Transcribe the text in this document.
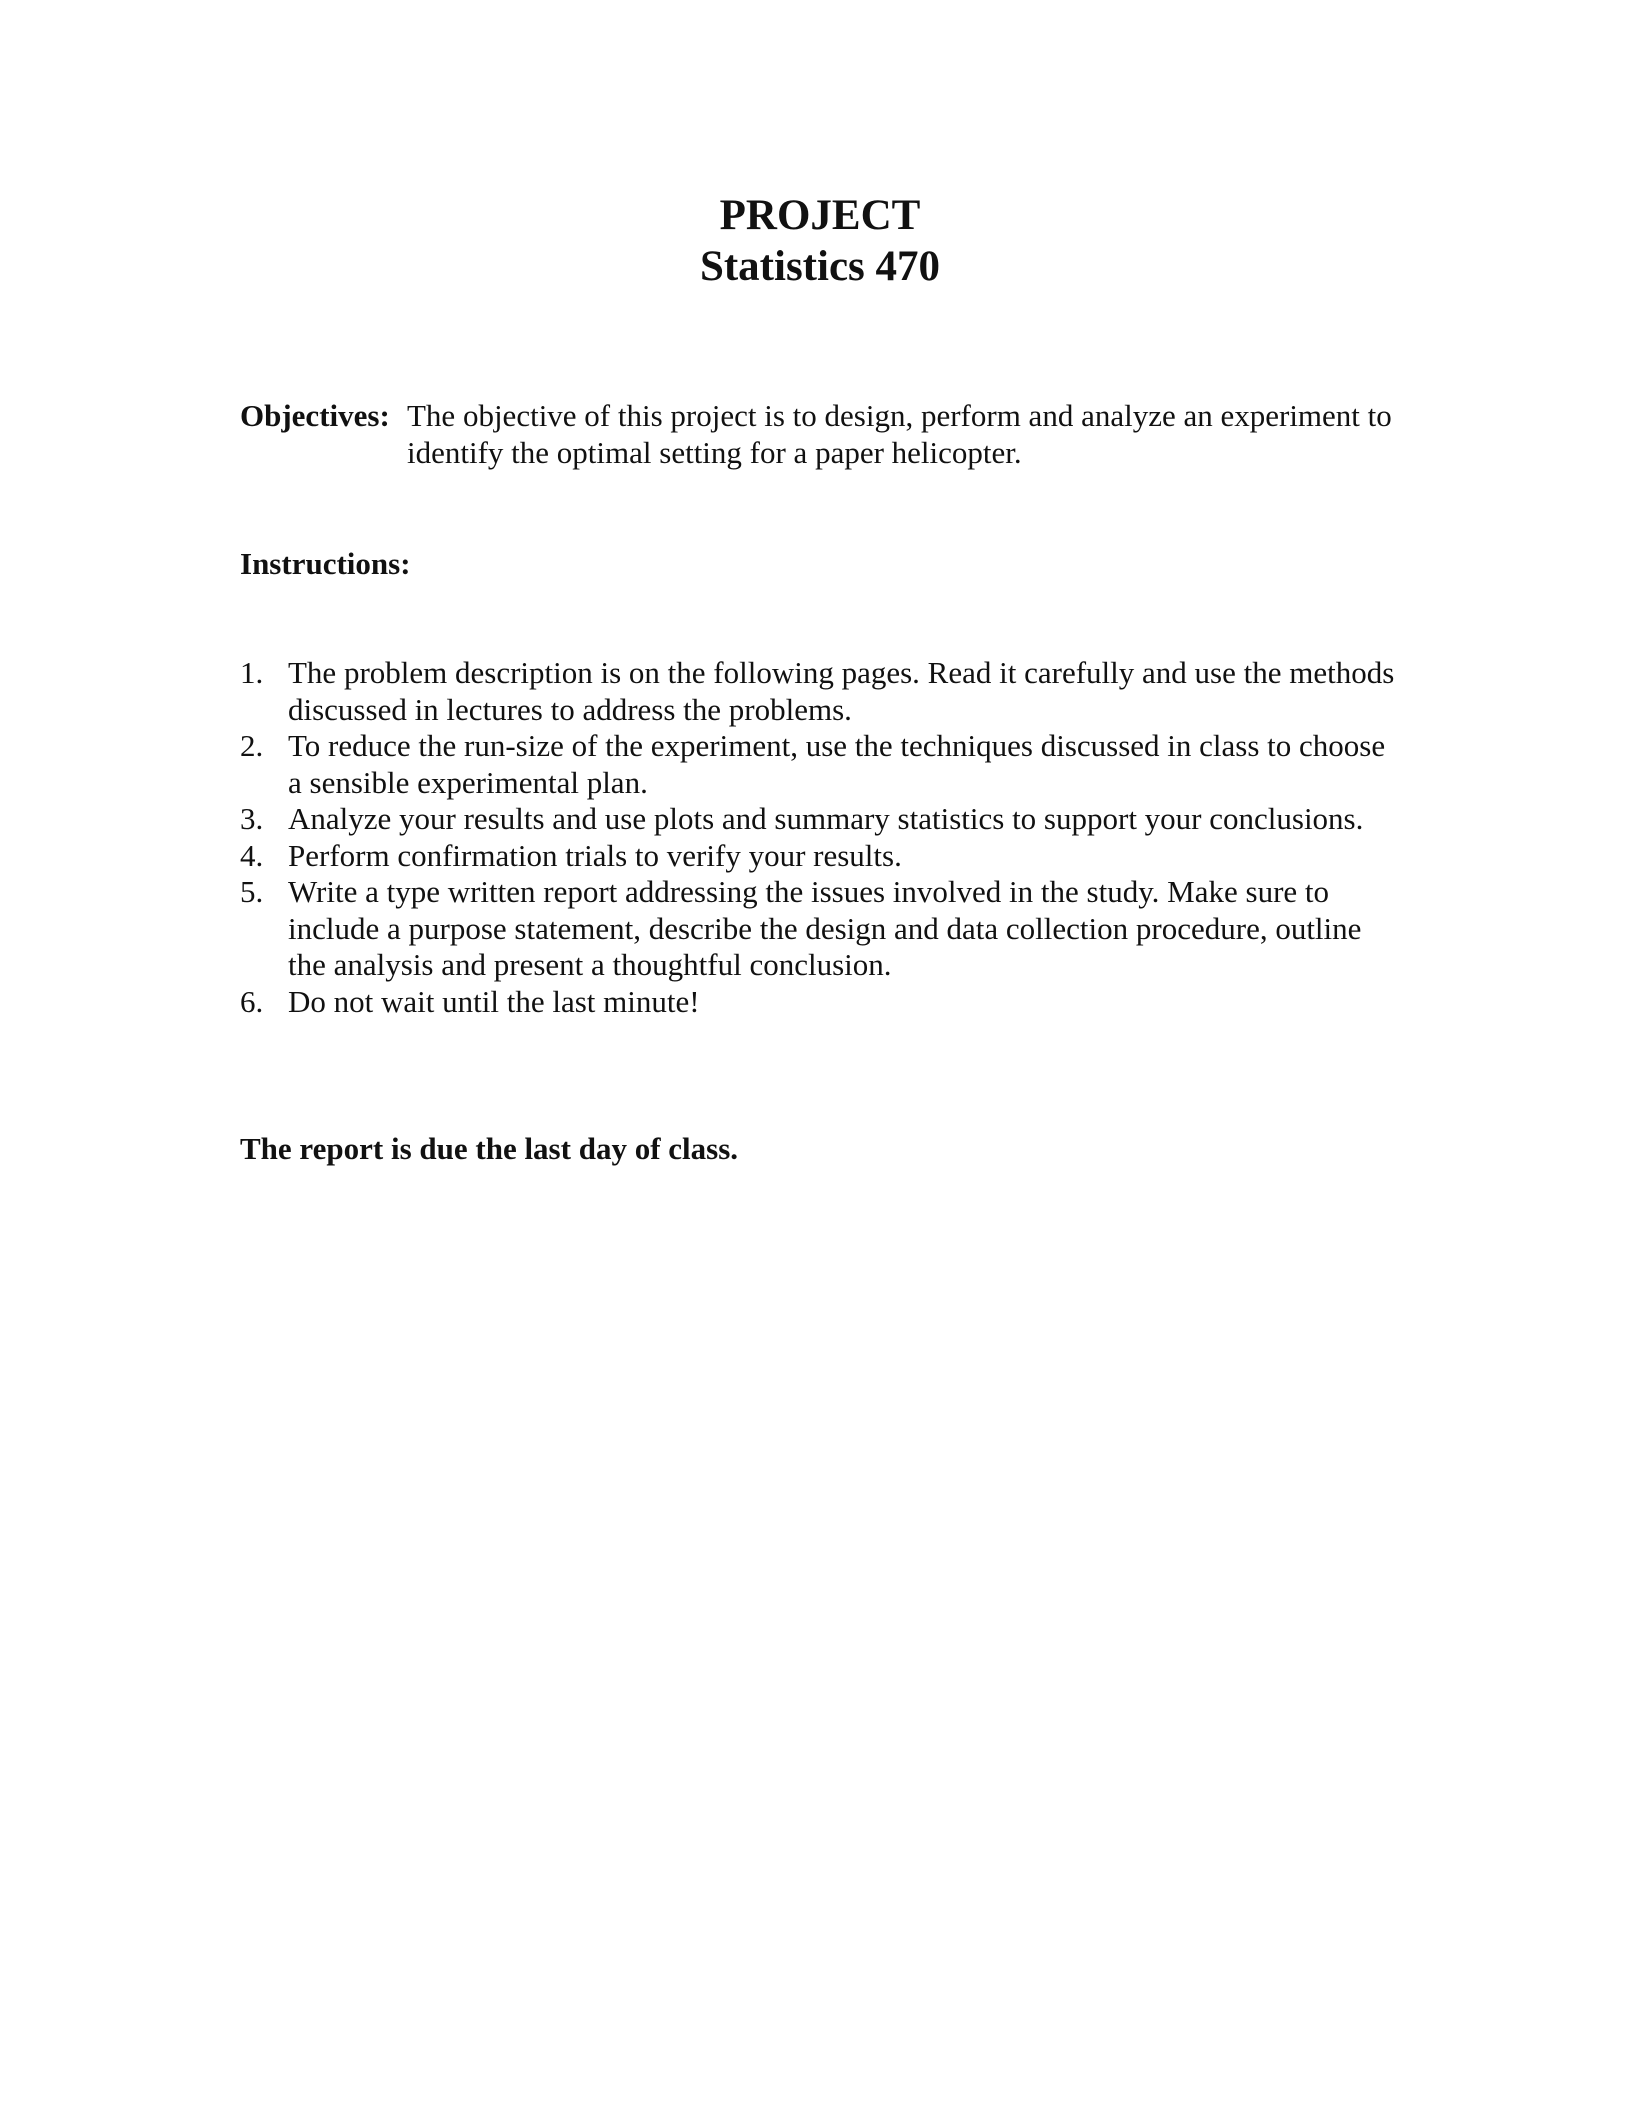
PROJECT
Statistics 470
Objectives: The objective of this project is to design, perform and analyze an experiment to identify the optimal setting for a paper helicopter.
Instructions:
1. The problem description is on the following pages. Read it carefully and use the methods discussed in lectures to address the problems.
2. To reduce the run-size of the experiment, use the techniques discussed in class to choose a sensible experimental plan.
3. Analyze your results and use plots and summary statistics to support your conclusions.
4. Perform confirmation trials to verify your results.
5. Write a type written report addressing the issues involved in the study. Make sure to include a purpose statement, describe the design and data collection procedure, outline the analysis and present a thoughtful conclusion.
6. Do not wait until the last minute!
The report is due the last day of class.
